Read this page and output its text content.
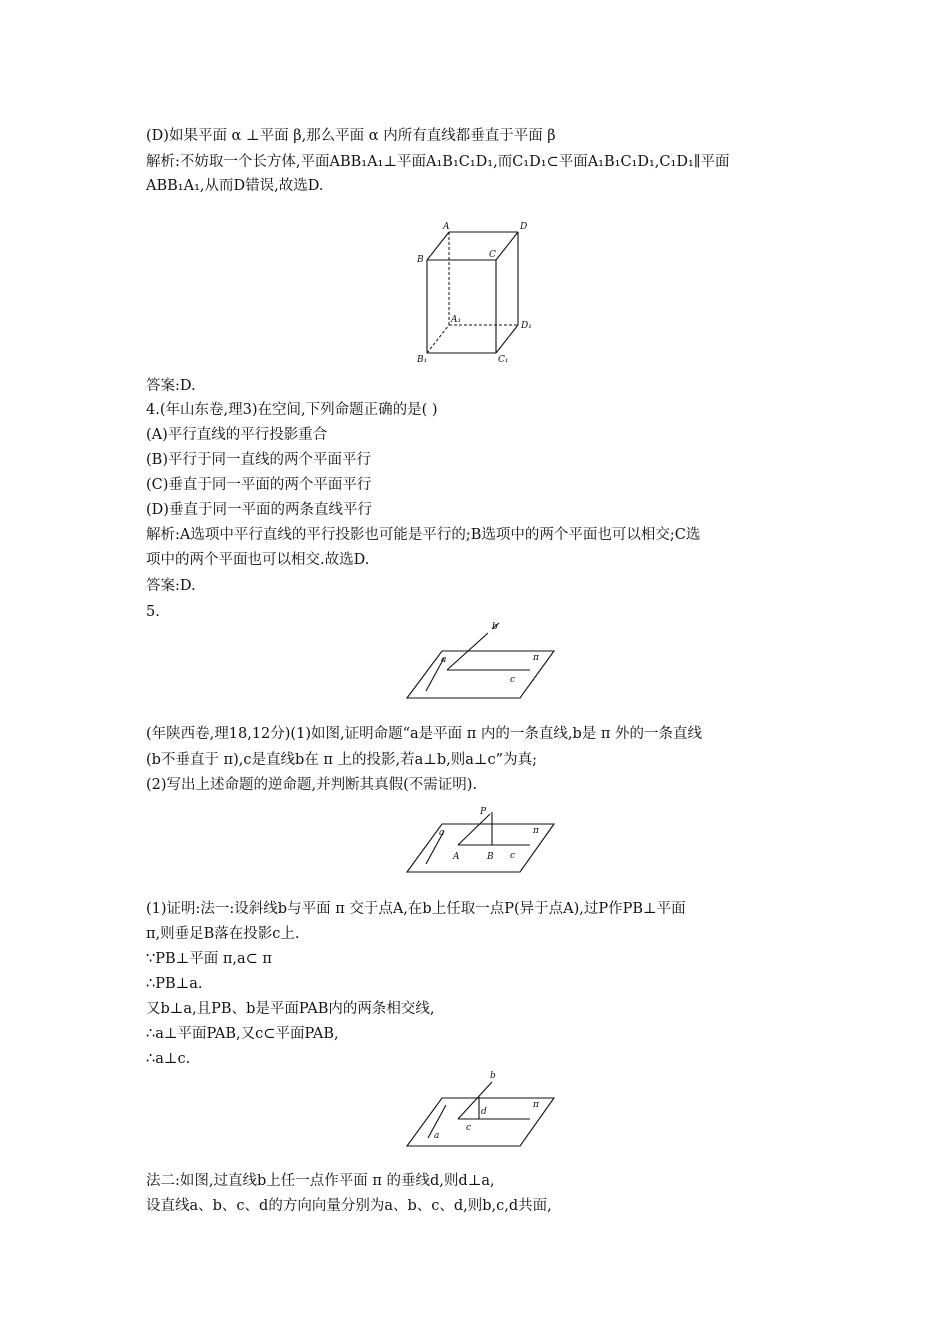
(D)如果平面 α ⊥平面 β,那么平面 α 内所有直线都垂直于平面 β
解析:不妨取一个长方体,平面ABB₁A₁⊥平面A₁B₁C₁D₁,而C₁D₁⊂平面A₁B₁C₁D₁,C₁D₁∥平面
ABB₁A₁,从而D错误,故选D.
A	D
B	C
A₁
D₁
B₁	C₁
答案:D.
4.(年山东卷,理3)在空间,下列命题正确的是( )
(A)平行直线的平行投影重合
(B)平行于同一直线的两个平面平行
(C)垂直于同一平面的两个平面平行
(D)垂直于同一平面的两条直线平行
解析:A选项中平行直线的平行投影也可能是平行的;B选项中的两个平面也可以相交;C选
项中的两个平面也可以相交.故选D.
答案:D.
5.
b
a	π
c
(年陕西卷,理18,12分)(1)如图,证明命题“a是平面 π 内的一条直线,b是 π 外的一条直线
(b不垂直于 π),c是直线b在 π 上的投影,若a⊥b,则a⊥c”为真;
(2)写出上述命题的逆命题,并判断其真假(不需证明).
P
a	π
A	B c
(1)证明:法一:设斜线b与平面 π 交于点A,在b上任取一点P(异于点A),过P作PB⊥平面
π,则垂足B落在投影c上.
∵PB⊥平面 π,a⊂ π
∴PB⊥a.
又b⊥a,且PB、b是平面PAB内的两条相交线,
∴a⊥平面PAB,又c⊂平面PAB,
∴a⊥c.
b
d
π
c
a
法二:如图,过直线b上任一点作平面 π 的垂线d,则d⊥a,
设直线a、b、c、d的方向向量分别为a、b、c、d,则b,c,d共面,
